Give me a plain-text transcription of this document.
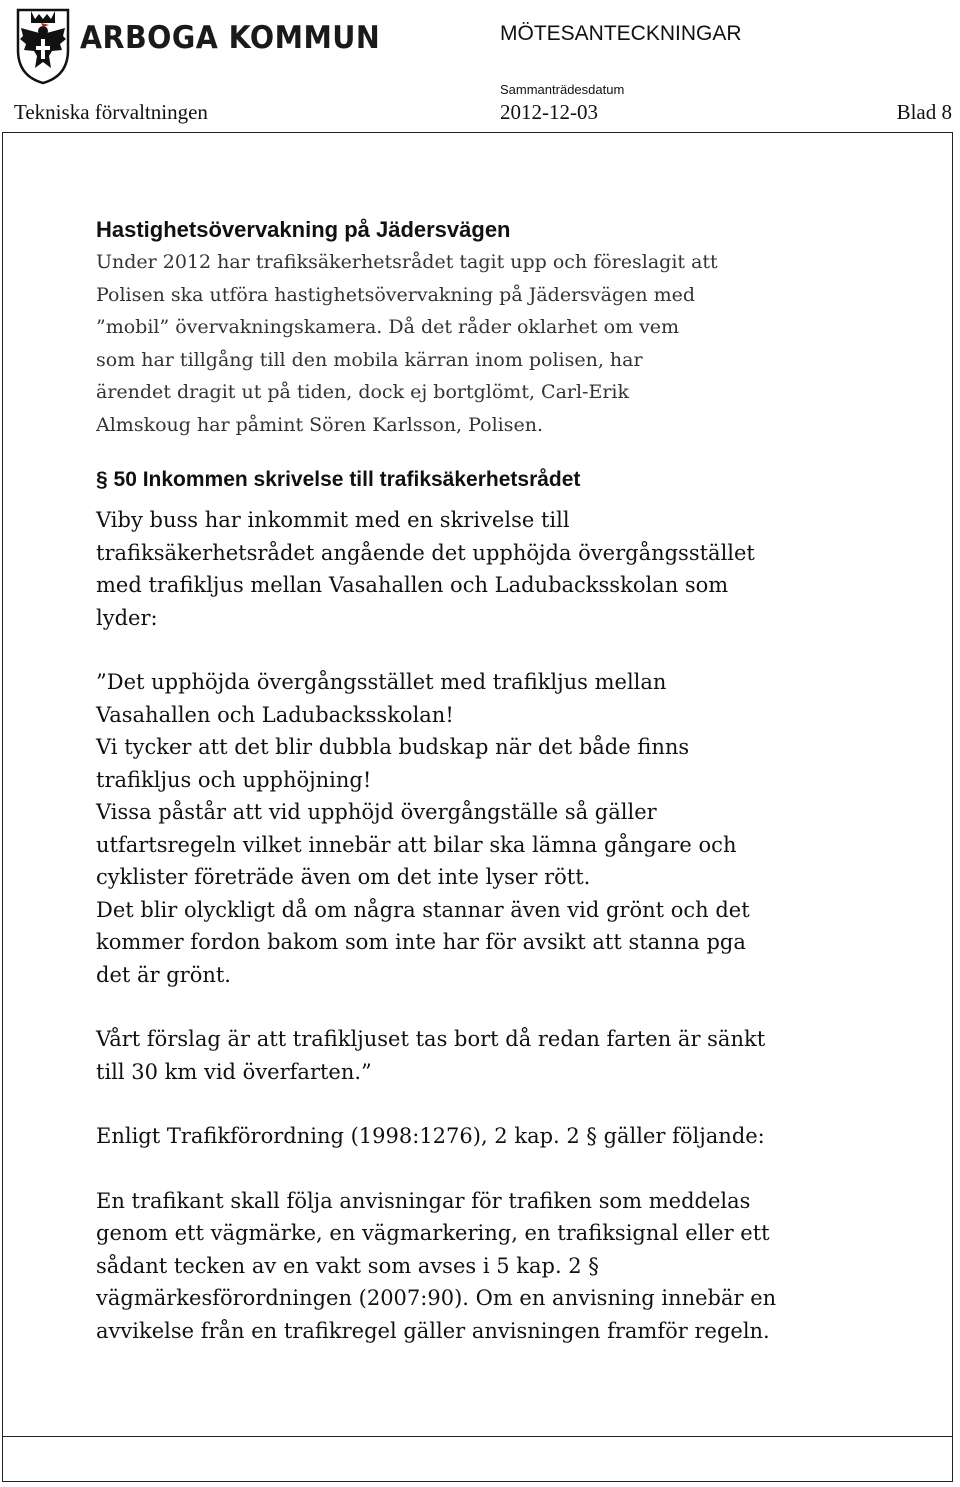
ARBOGA KOMMUN	MÖTESANTECKNINGAR
Sammanträdesdatum
Tekniska förvaltningen	2012-12-03	Blad 8
Hastighetsövervakning på Jädersvägen

Under 2012 har trafiksäkerhetsrådet tagit upp och föreslagit att

Polisen ska utföra hastighetsövervakning på Jädersvägen med

”mobil” övervakningskamera. Då det råder oklarhet om vem

som har tillgång till den mobila kärran inom polisen, har

ärendet dragit ut på tiden, dock ej bortglömt, Carl-Erik

Almskoug har påmint Sören Karlsson, Polisen.

§ 50 Inkommen skrivelse till trafiksäkerhetsrådet

Viby buss har inkommit med en skrivelse till

trafiksäkerhetsrådet angående det upphöjda övergångsstället

med trafikljus mellan Vasahallen och Ladubacksskolan som

lyder:

”Det upphöjda övergångsstället med trafikljus mellan

Vasahallen och Ladubacksskolan!

Vi tycker att det blir dubbla budskap när det både finns

trafikljus och upphöjning!

Vissa påstår att vid upphöjd övergångställe så gäller

utfartsregeln vilket innebär att bilar ska lämna gångare och

cyklister företräde även om det inte lyser rött.

Det blir olyckligt då om några stannar även vid grönt och det

kommer fordon bakom som inte har för avsikt att stanna pga

det är grönt.

Vårt förslag är att trafikljuset tas bort då redan farten är sänkt

till 30 km vid överfarten.”

Enligt Trafikförordning (1998:1276), 2 kap. 2 § gäller följande:

En trafikant skall följa anvisningar för trafiken som meddelas

genom ett vägmärke, en vägmarkering, en trafiksignal eller ett

sådant tecken av en vakt som avses i 5 kap. 2 §

vägmärkesförordningen (2007:90). Om en anvisning innebär en

avvikelse från en trafikregel gäller anvisningen framför regeln.
